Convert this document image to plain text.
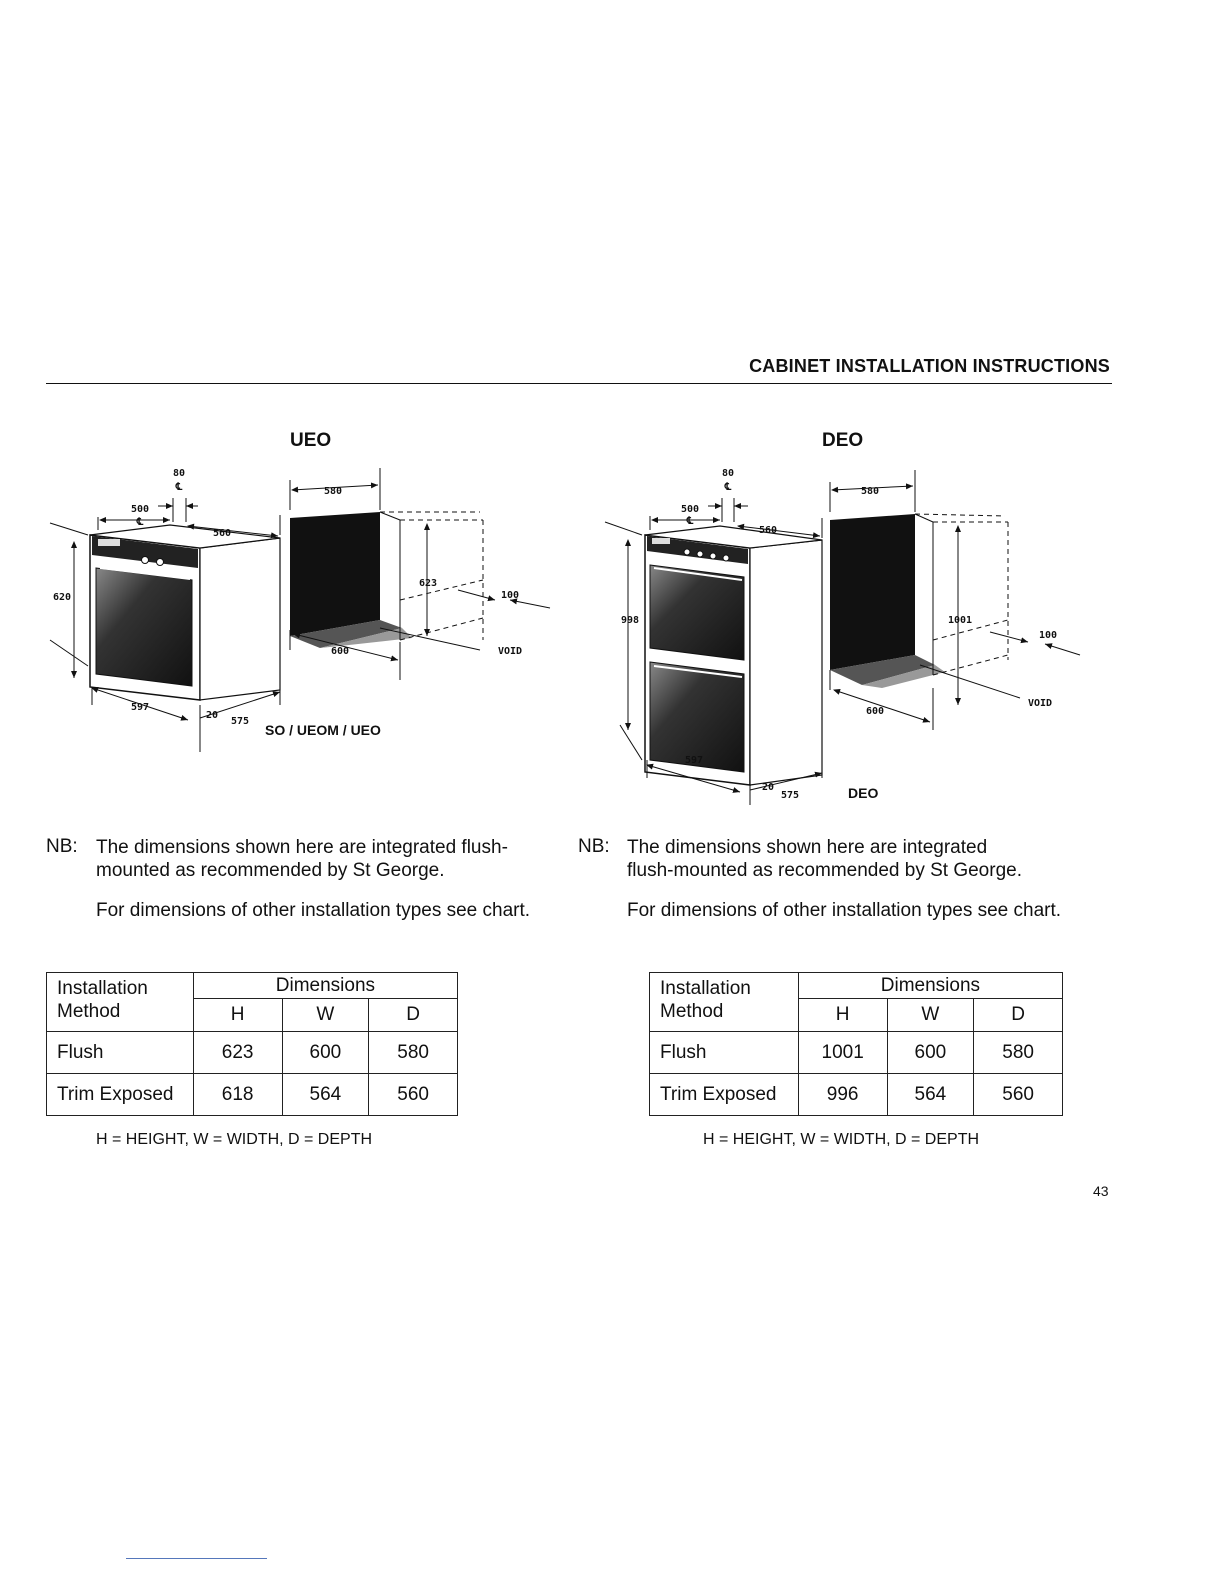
CABINET INSTALLATION INSTRUCTIONS
UEO
620
500
℄
80
℄
560
597
20
575
580
623
100
VOID
600
SO / UEOM / UEO
NB: The dimensions shown here are integrated flush-
mounted as recommended by St George.
For dimensions of other installation types see chart.
Installation
Method	Dimensions		
	H	W	D
Flush	623	600	580
Trim Exposed	618	564	560
H = HEIGHT, W = WIDTH, D = DEPTH
DEO
998
500
℄
80
℄
560
597
20
575
580
1001
100
VOID
600
DEO
NB: The dimensions shown here are integrated
flush-mounted as recommended by St George.
For dimensions of other installation types see chart.
Installation
Method	Dimensions		
	H	W	D
Flush	1001	600	580
Trim Exposed	996	564	560
H = HEIGHT, W = WIDTH, D = DEPTH
43
